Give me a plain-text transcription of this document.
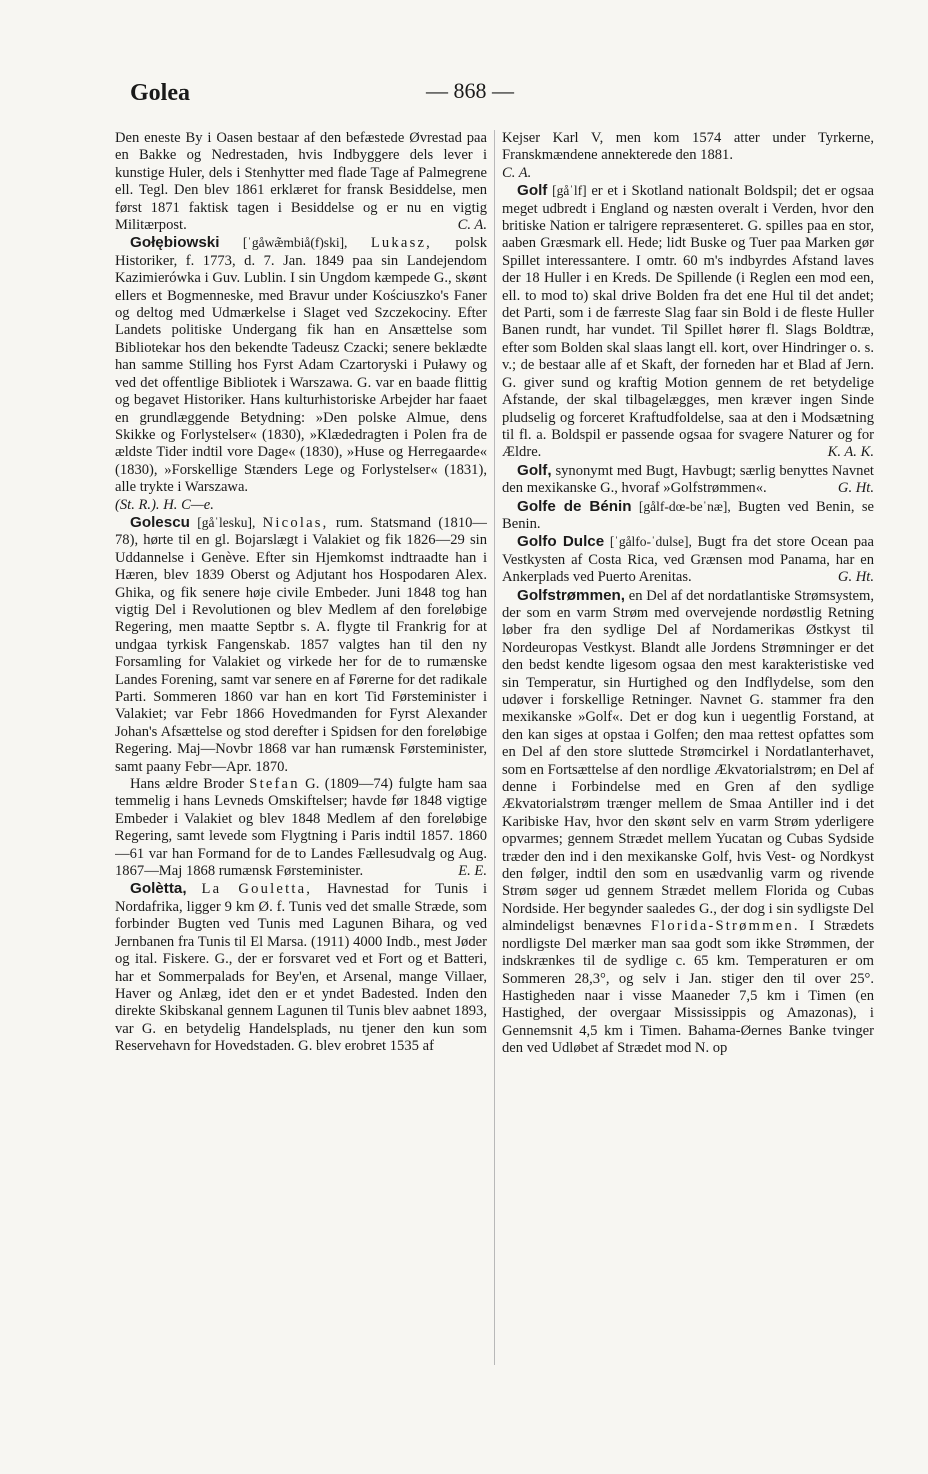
Golea	— 868 —

Den eneste By i Oasen bestaar af den befæstede Øvrestad paa en Bakke og Nedrestaden, hvis Indbyggere dels lever i kunstige Huler, dels i Stenhytter med flade Tage af Palmegrene ell. Tegl. Den blev 1861 erklæret for fransk Besiddelse, men først 1871 faktisk tagen i Besiddelse og er nu en vigtig Militærpost.	C. A.

Gołębiowski [ˈgåwæ̃mbiå(f)ski], Lukasz, polsk Historiker, f. 1773, d. 7. Jan. 1849 paa sin Landejendom Kazimierówka i Guv. Lublin. I sin Ungdom kæmpede G., skønt ellers et Bogmenneske, med Bravur under Kościuszko's Faner og deltog med Udmærkelse i Slaget ved Szczekociny. Efter Landets politiske Undergang fik han en Ansættelse som Bibliotekar hos den bekendte Tadeusz Czacki; senere beklædte han samme Stilling hos Fyrst Adam Czartoryski i Puławy og ved det offentlige Bibliotek i Warszawa. G. var en baade flittig og begavet Historiker. Hans kulturhistoriske Arbejder har faaet en grundlæggende Betydning: »Den polske Almue, dens Skikke og Forlystelser« (1830), »Klædedragten i Polen fra de ældste Tider indtil vore Dage« (1830), »Huse og Herregaarde« (1830), »Forskellige Stænders Lege og Forlystelser« (1831), alle trykte i Warszawa.

(St. R.). H. C—e.

Golescu [gåˈlesku], Nicolas, rum. Statsmand (1810—78), hørte til en gl. Bojarslægt i Valakiet og fik 1826—29 sin Uddannelse i Genève. Efter sin Hjemkomst indtraadte han i Hæren, blev 1839 Oberst og Adjutant hos Hospodaren Alex. Ghika, og fik senere høje civile Embeder. Juni 1848 tog han vigtig Del i Revolutionen og blev Medlem af den foreløbige Regering, men maatte Septbr s. A. flygte til Frankrig for at undgaa tyrkisk Fangenskab. 1857 valgtes han til den ny Forsamling for Valakiet og virkede her for de to rumænske Landes Forening, samt var senere en af Førerne for det radikale Parti. Sommeren 1860 var han en kort Tid Førsteminister i Valakiet; var Febr 1866 Hovedmanden for Fyrst Alexander Johan's Afsættelse og stod derefter i Spidsen for den foreløbige Regering. Maj—Novbr 1868 var han rumænsk Førsteminister, samt paany Febr—Apr. 1870.

Hans ældre Broder Stefan G. (1809—74) fulgte ham saa temmelig i hans Levneds Omskiftelser; havde før 1848 vigtige Embeder i Valakiet og blev 1848 Medlem af den foreløbige Regering, samt levede som Flygtning i Paris indtil 1857. 1860—61 var han Formand for de to Landes Fællesudvalg og Aug. 1867—Maj 1868 rumænsk Førsteminister.	E. E.

Golètta, La Gouletta, Havnestad for Tunis i Nordafrika, ligger 9 km Ø. f. Tunis ved det smalle Stræde, som forbinder Bugten ved Tunis med Lagunen Bihara, og ved Jernbanen fra Tunis til El Marsa. (1911) 4000 Indb., mest Jøder og ital. Fiskere. G., der er forsvaret ved et Fort og et Batteri, har et Sommerpalads for Bey'en, et Arsenal, mange Villaer, Haver og Anlæg, idet den er et yndet Badested. Inden den direkte Skibskanal gennem Lagunen til Tunis blev aabnet 1893, var G. en betydelig Handelsplads, nu tjener den kun som Reservehavn for Hovedstaden. G. blev erobret 1535 af

Kejser Karl V, men kom 1574 atter under Tyrkerne, Franskmændene annekterede den 1881.

C. A.

Golf [gåˈlf] er et i Skotland nationalt Boldspil; det er ogsaa meget udbredt i England og næsten overalt i Verden, hvor den britiske Nation er talrigere repræsenteret. G. spilles paa en stor, aaben Græsmark ell. Hede; lidt Buske og Tuer paa Marken gør Spillet interessantere. I omtr. 60 m's indbyrdes Afstand laves der 18 Huller i en Kreds. De Spillende (i Reglen een mod een, ell. to mod to) skal drive Bolden fra det ene Hul til det andet; det Parti, som i de færreste Slag faar sin Bold i de fleste Huller Banen rundt, har vundet. Til Spillet hører fl. Slags Boldtræ, efter som Bolden skal slaas langt ell. kort, over Hindringer o. s. v.; de bestaar alle af et Skaft, der forneden har et Blad af Jern. G. giver sund og kraftig Motion gennem de ret betydelige Afstande, der skal tilbagelægges, men kræver ingen Sinde pludselig og forceret Kraftudfoldelse, saa at den i Modsætning til fl. a. Boldspil er passende ogsaa for svagere Naturer og for Ældre.	K. A. K.

Golf, synonymt med Bugt, Havbugt; særlig benyttes Navnet den mexikanske G., hvoraf »Golfstrømmen«.	G. Ht.

Golfe de Bénin [gålf-dœ-beˈnæ], Bugten ved Benin, se Benin.

Golfo Dulce [ˈgålfo-ˈdulse], Bugt fra det store Ocean paa Vestkysten af Costa Rica, ved Grænsen mod Panama, har en Ankerplads ved Puerto Arenitas.	G. Ht.

Golfstrømmen, en Del af det nordatlantiske Strømsystem, der som en varm Strøm med overvejende nordøstlig Retning løber fra den sydlige Del af Nordamerikas Østkyst til Nordeuropas Vestkyst. Blandt alle Jordens Strømninger er det den bedst kendte ligesom ogsaa den mest karakteristiske ved sin Temperatur, sin Hurtighed og den Indflydelse, som den udøver i forskellige Retninger. Navnet G. stammer fra den mexikanske »Golf«. Det er dog kun i uegentlig Forstand, at den kan siges at opstaa i Golfen; den maa rettest opfattes som en Del af den store sluttede Strømcirkel i Nordatlanterhavet, som en Fortsættelse af den nordlige Ækvatorialstrøm; en Del af denne i Forbindelse med en Gren af den sydlige Ækvatorialstrøm trænger mellem de Smaa Antiller ind i det Karibiske Hav, hvor den skønt selv en varm Strøm yderligere opvarmes; gennem Strædet mellem Yucatan og Cubas Sydside træder den ind i den mexikanske Golf, hvis Vest- og Nordkyst den følger, indtil den som en usædvanlig varm og rivende Strøm søger ud gennem Strædet mellem Florida og Cubas Nordside. Her begynder saaledes G., der dog i sin sydligste Del almindeligst benævnes Florida-Strømmen. I Strædets nordligste Del mærker man saa godt som ikke Strømmen, der indskrænkes til de sydlige c. 65 km. Temperaturen er om Sommeren 28,3°, og selv i Jan. stiger den til over 25°. Hastigheden naar i visse Maaneder 7,5 km i Timen (en Hastighed, der overgaar Mississippis og Amazonas), i Gennemsnit 4,5 km i Timen. Bahama-Øernes Banke tvinger den ved Udløbet af Strædet mod N. op
